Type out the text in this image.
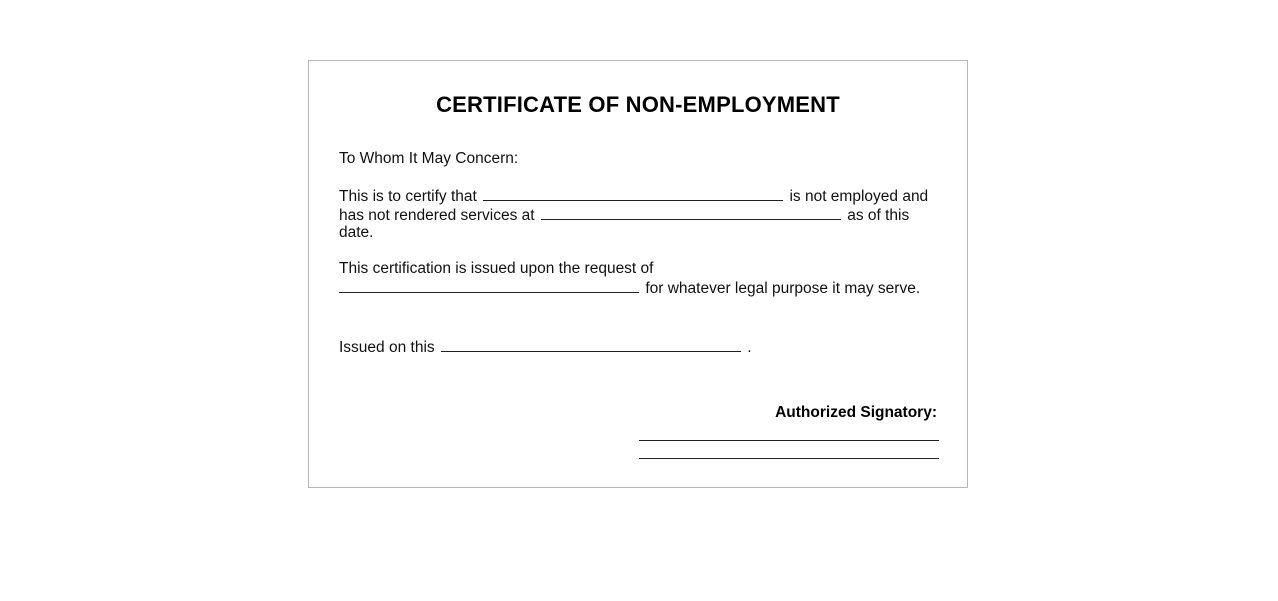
CERTIFICATE OF NON-EMPLOYMENT
To Whom It May Concern:
This is to certify that	is not employed and
has not rendered services at	as of this
date.
This certification is issued upon the request of
for whatever legal purpose it may serve.
Issued on this	.
Authorized Signatory:
